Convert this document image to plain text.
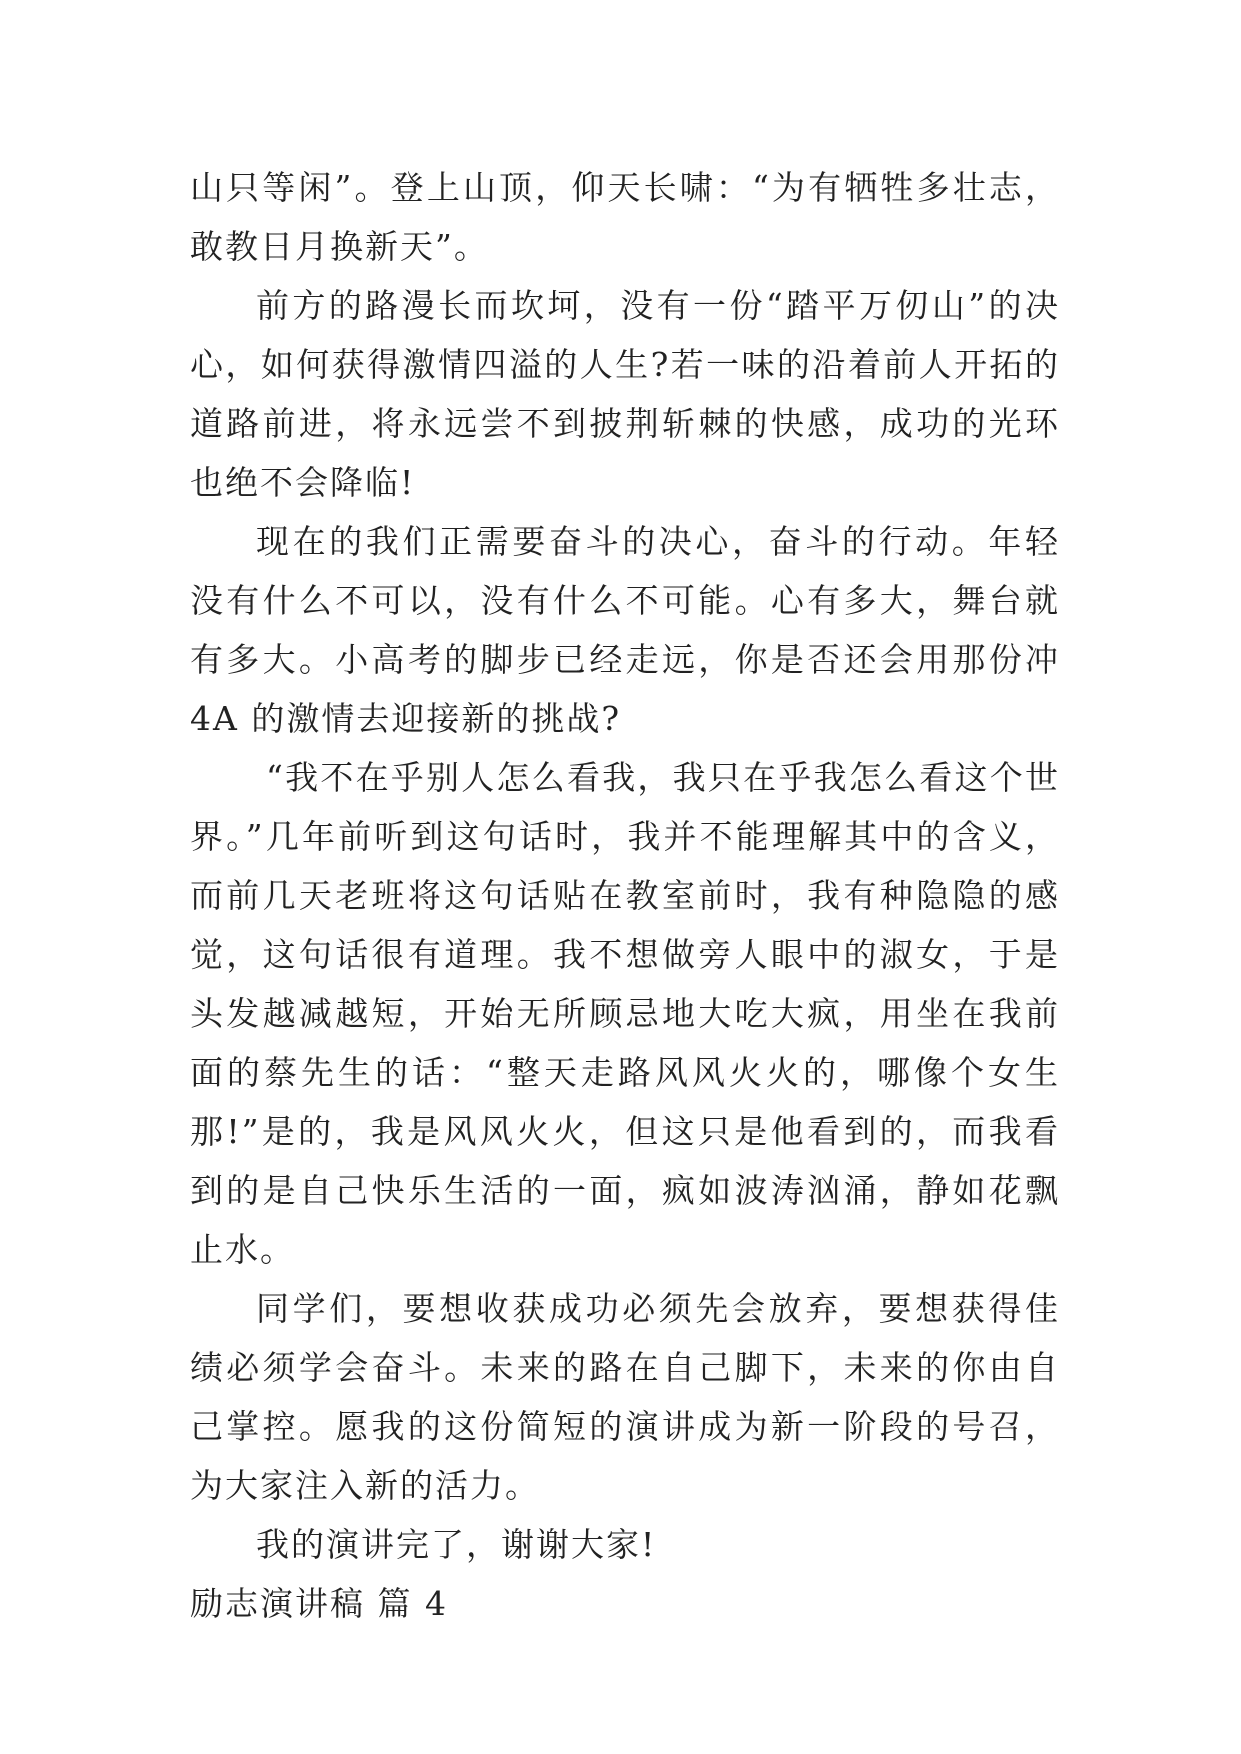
山只等闲”。登上山顶，仰天长啸：“为有牺牲多壮志，敢教日月换新天”。

前方的路漫长而坎坷，没有一份“踏平万仞山”的决心，如何获得激情四溢的人生?若一味的沿着前人开拓的道路前进，将永远尝不到披荆斩棘的快感，成功的光环也绝不会降临!

现在的我们正需要奋斗的决心，奋斗的行动。年轻没有什么不可以，没有什么不可能。心有多大，舞台就有多大。小高考的脚步已经走远，你是否还会用那份冲 4A 的激情去迎接新的挑战?

“我不在乎别人怎么看我，我只在乎我怎么看这个世界。”几年前听到这句话时，我并不能理解其中的含义，而前几天老班将这句话贴在教室前时，我有种隐隐的感觉，这句话很有道理。我不想做旁人眼中的淑女，于是头发越减越短，开始无所顾忌地大吃大疯，用坐在我前面的蔡先生的话：“整天走路风风火火的，哪像个女生那!”是的，我是风风火火，但这只是他看到的，而我看到的是自己快乐生活的一面，疯如波涛汹涌，静如花飘止水。

同学们，要想收获成功必须先会放弃，要想获得佳绩必须学会奋斗。未来的路在自己脚下，未来的你由自己掌控。愿我的这份简短的演讲成为新一阶段的号召，为大家注入新的活力。

我的演讲完了，谢谢大家!

励志演讲稿 篇 4
